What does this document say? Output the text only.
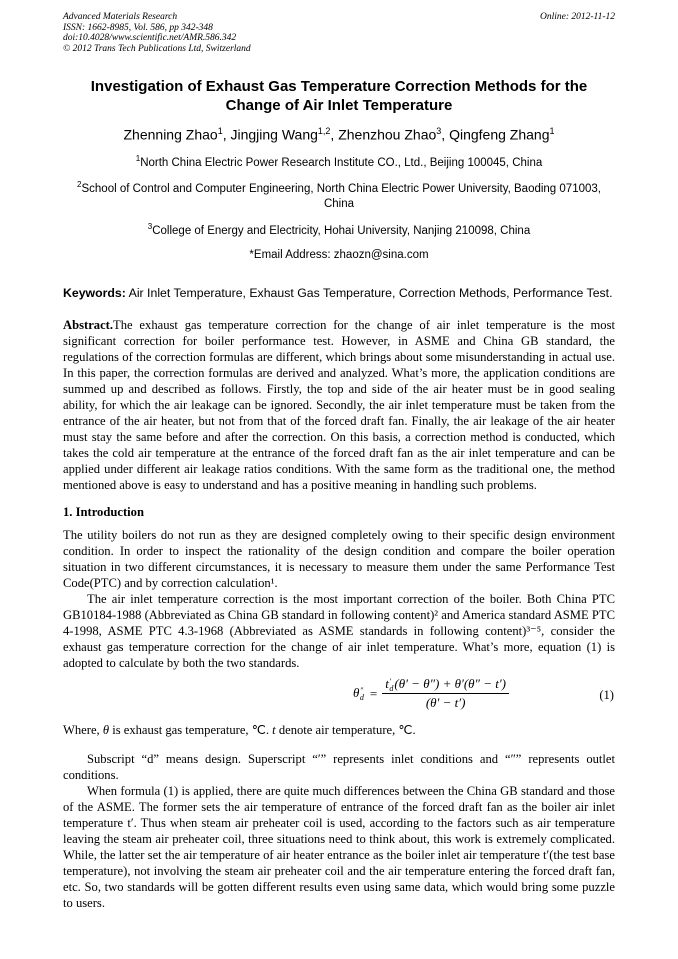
Advanced Materials Research
ISSN: 1662-8985, Vol. 586, pp 342-348
doi:10.4028/www.scientific.net/AMR.586.342
© 2012 Trans Tech Publications Ltd, Switzerland
Online: 2012-11-12
Investigation of Exhaust Gas Temperature Correction Methods for the Change of Air Inlet Temperature
Zhenning Zhao$^1$, Jingjing Wang$^{1,2}$, Zhenzhou Zhao$^3$, Qingfeng Zhang$^1$
$^1$North China Electric Power Research Institute CO., Ltd., Beijing 100045, China
$^2$School of Control and Computer Engineering, North China Electric Power University, Baoding 071003, China
$^3$College of Energy and Electricity, Hohai University, Nanjing 210098, China
*Email Address: zhaozn@sina.com

Keywords: Air Inlet Temperature, Exhaust Gas Temperature, Correction Methods, Performance Test.

Abstract.The exhaust gas temperature correction for the change of air inlet temperature is the most significant correction for boiler performance test. However, in ASME and China GB standard, the regulations of the correction formulas are different, which brings about some misunderstanding in actual use. In this paper, the correction formulas are derived and analyzed. What’s more, the application conditions are summed up and described as follows. Firstly, the top and side of the air heater must be in good sealing ability, for which the air leakage can be ignored. Secondly, the air inlet temperature must be taken from the entrance of the air heater, but not from that of the forced draft fan. Finally, the air leakage of the air heater must stay the same before and after the correction. On this basis, a correction method is conducted, which takes the cold air temperature at the entrance of the forced draft fan as the air inlet temperature and can be applied under different air leakage ratios conditions. With the same form as the traditional one, the method mentioned above is easy to understand and has a positive meaning in handling such problems.

1. Introduction

The utility boilers do not run as they are designed completely owing to their specific design environment condition. In order to inspect the rationality of the design condition and compare the boiler operation situation in two different circumstances, it is necessary to measure them under the same Performance Test Code(PTC) and by correction calculation¹.

The air inlet temperature correction is the most important correction of the boiler. Both China PTC GB10184-1988 (Abbreviated as China GB standard in following content)² and America standard ASME PTC 4-1998, ASME PTC 4.3-1968 (Abbreviated as ASME standards in following content)³⁻⁵, consider the exhaust gas temperature correction for the change of air inlet temperature. What’s more, equation (1) is adopted to calculate by both the two standards.

θ ″
d = t ′
d (θ′ − θ″) + θ′(θ″ − t′)
(θ′ − t′)	(1)

Where, θ is exhaust gas temperature, ℃. t denote air temperature, ℃.

Subscript “d” means design. Superscript “′” represents inlet conditions and “″” represents outlet conditions.

When formula (1) is applied, there are quite much differences between the China GB standard and those of the ASME. The former sets the air temperature of entrance of the forced draft fan as the boiler air inlet temperature t′. Thus when steam air preheater coil is used, according to the factors such as air temperature leaving the steam air preheater coil, three situations need to think about, this work is extremely complicated. While, the latter set the air temperature of air heater entrance as the boiler inlet air temperature t′(the test base temperature), not involving the steam air preheater coil and the air temperature entering the forced draft fan, etc. So, two standards will be gotten different results even using same data, which would bring some puzzle to users.
